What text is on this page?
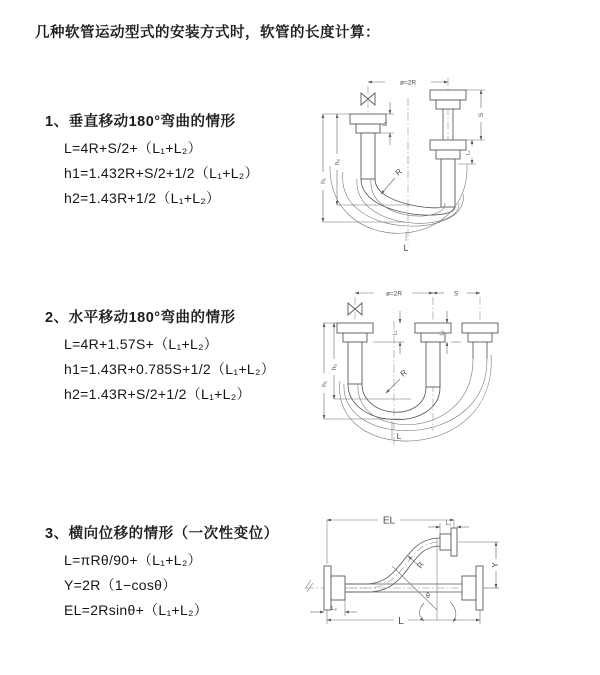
几种软管运动型式的安装方式时，软管的长度计算：
1、垂直移动180°弯曲的情形
L=4R+S/2+（L₁+L₂）
h1=1.432R+S/2+1/2（L₁+L₂）
h2=1.43R+1/2（L₁+L₂）
ø=2R
h₁
h₂
L₁
S
L₂
R
L
2、水平移动180°弯曲的情形
L=4R+1.57S+（L₁+L₂）
h1=1.43R+0.785S+1/2（L₁+L₂）
h2=1.43R+S/2+1/2（L₁+L₂）
ø=2R	S
h₁
h₂
L₁	L₂
R
L
3、横向位移的情形（一次性变位）
L=πRθ/90+（L₁+L₂）
Y=2R（1−cosθ）
EL=2Rsinθ+（L₁+L₂）
EL	L₁
Y
θ
R
L
L₂
